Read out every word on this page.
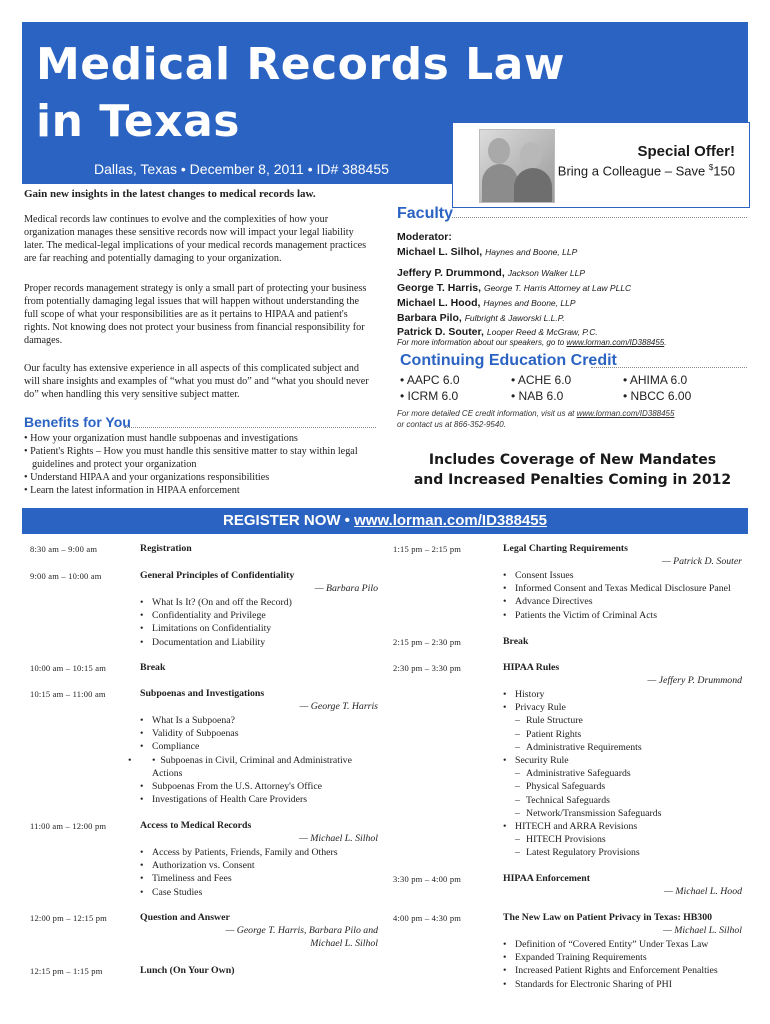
Medical Records Law
in Texas
Dallas, Texas • December 8, 2011 • ID# 388455
Special Offer!
Bring a Colleague – Save $150
Gain new insights in the latest changes to medical records law.
Medical records law continues to evolve and the complexities of how your organization manages these sensitive records now will impact your legal liability later. The medical-legal implications of your medical records management practices are far reaching and potentially damaging to your organization.
Proper records management strategy is only a small part of protecting your business from potentially damaging legal issues that will happen without understanding the full scope of what your responsibilities are as it pertains to HIPAA and patient's rights. Not knowing does not protect your business from financial responsibility for damages.
Our faculty has extensive experience in all aspects of this complicated subject and will share insights and examples of “what you must do” and “what you should never do” when handling this very sensitive subject matter.
Benefits for You
• How your organization must handle subpoenas and investigations
• Patient's Rights – How you must handle this sensitive matter to stay within legal guidelines and protect your organization
• Understand HIPAA and your organizations responsibilities
• Learn the latest information in HIPAA enforcement
Faculty
Moderator:
Michael L. Silhol, Haynes and Boone, LLP
Jeffery P. Drummond, Jackson Walker LLP
George T. Harris, George T. Harris Attorney at Law PLLC
Michael L. Hood, Haynes and Boone, LLP
Barbara Pilo, Fulbright & Jaworski L.L.P.
Patrick D. Souter, Looper Reed & McGraw, P.C.
For more information about our speakers, go to www.lorman.com/ID388455.
Continuing Education Credit
• AAPC 6.0	• ACHE 6.0	• AHIMA 6.0
• ICRM 6.0	• NAB 6.0	• NBCC 6.00
For more detailed CE credit information, visit us at www.lorman.com/ID388455
or contact us at 866-352-9540.
Includes Coverage of New Mandates
and Increased Penalties Coming in 2012
REGISTER NOW • www.lorman.com/ID388455
8:30 am – 9:00 am	Registration
9:00 am – 10:00 am	General Principles of Confidentiality
— Barbara Pilo
• What Is It? (On and off the Record)
• Confidentiality and Privilege
• Limitations on Confidentiality
• Documentation and Liability
10:00 am – 10:15 am	Break
10:15 am – 11:00 am	Subpoenas and Investigations
— George T. Harris
• What Is a Subpoena?
• Validity of Subpoenas
• Compliance
• •  Subpoenas in Civil, Criminal and Administrative Actions
• Subpoenas From the U.S. Attorney's Office
• Investigations of Health Care Providers
11:00 am – 12:00 pm	Access to Medical Records
— Michael L. Silhol
• Access by Patients, Friends, Family and Others
• Authorization vs. Consent
• Timeliness and Fees
• Case Studies
12:00 pm – 12:15 pm	Question and Answer
— George T. Harris, Barbara Pilo and
Michael L. Silhol
12:15 pm – 1:15 pm	Lunch (On Your Own)
1:15 pm – 2:15 pm	Legal Charting Requirements
— Patrick D. Souter
• Consent Issues
• Informed Consent and Texas Medical Disclosure Panel
• Advance Directives
• Patients the Victim of Criminal Acts
2:15 pm – 2:30 pm	Break
2:30 pm – 3:30 pm	HIPAA Rules
— Jeffery P. Drummond
• History
• Privacy Rule
– Rule Structure
– Patient Rights
– Administrative Requirements
• Security Rule
– Administrative Safeguards
– Physical Safeguards
– Technical Safeguards
– Network/Transmission Safeguards
• HITECH and ARRA Revisions
– HITECH Provisions
– Latest Regulatory Provisions
3:30 pm – 4:00 pm	HIPAA Enforcement
— Michael L. Hood
4:00 pm – 4:30 pm	The New Law on Patient Privacy in Texas: HB300
— Michael L. Silhol
• Definition of “Covered Entity” Under Texas Law
• Expanded Training Requirements
• Increased Patient Rights and Enforcement Penalties
• Standards for Electronic Sharing of PHI
